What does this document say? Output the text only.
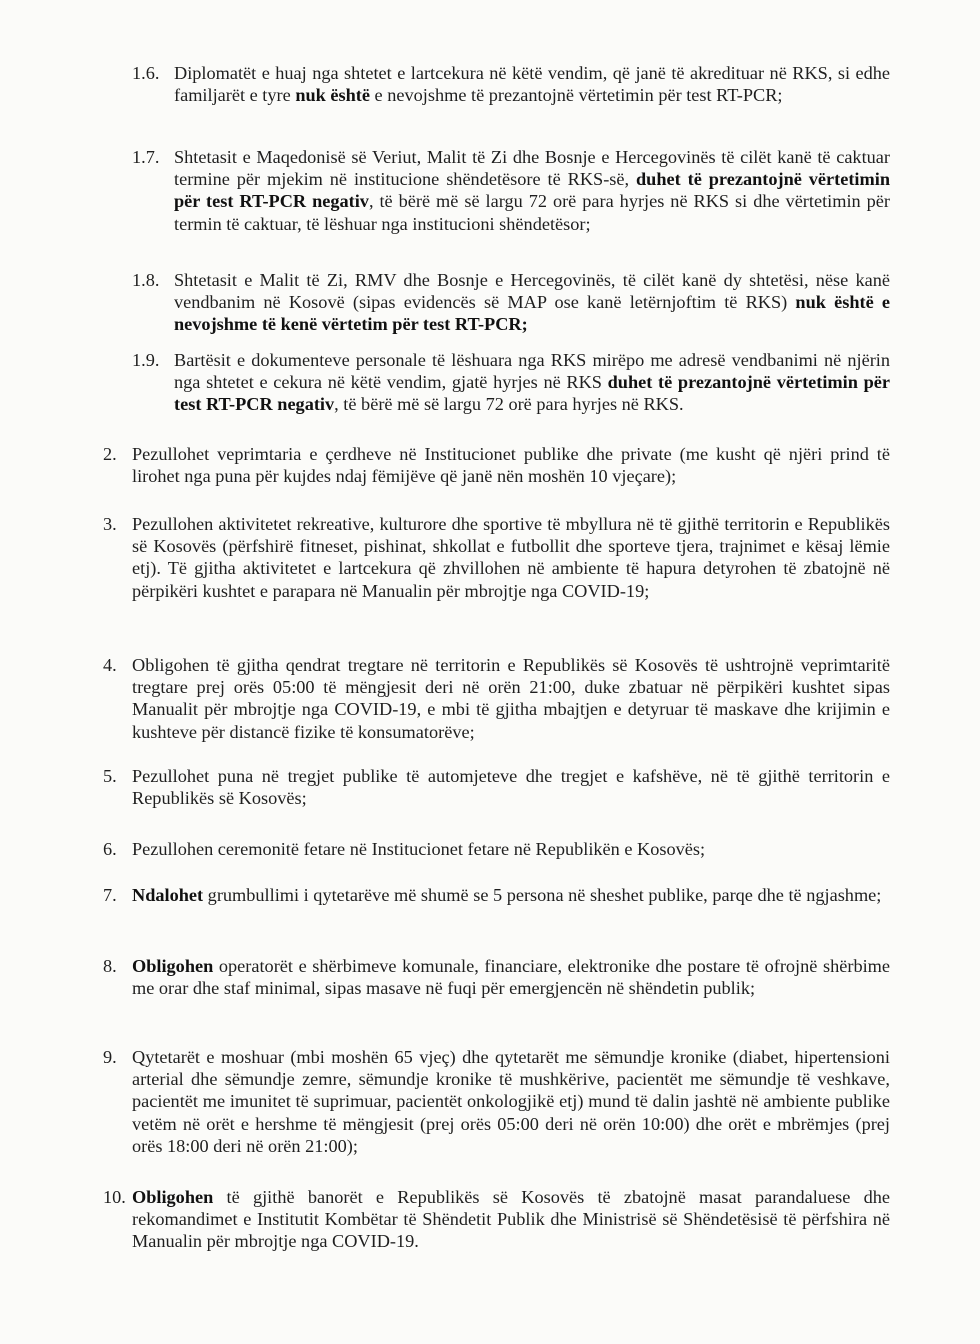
1.6. Diplomatët e huaj nga shtetet e lartcekura në këtë vendim, që janë të akredituar në RKS, si edhe familjarët e tyre nuk është e nevojshme të prezantojnë vërtetimin për test RT-PCR;
1.7. Shtetasit e Maqedonisë së Veriut, Malit të Zi dhe Bosnje e Hercegovinës të cilët kanë të caktuar termine për mjekim në institucione shëndetësore të RKS-së, duhet të prezantojnë vërtetimin për test RT-PCR negativ, të bërë më së largu 72 orë para hyrjes në RKS si dhe vërtetimin për termin të caktuar, të lëshuar nga institucioni shëndetësor;
1.8. Shtetasit e Malit të Zi, RMV dhe Bosnje e Hercegovinës, të cilët kanë dy shtetësi, nëse kanë vendbanim në Kosovë (sipas evidencës së MAP ose kanë letërnjoftim të RKS) nuk është e nevojshme të kenë vërtetim për test RT-PCR;
1.9. Bartësit e dokumenteve personale të lëshuara nga RKS mirëpo me adresë vendbanimi në njërin nga shtetet e cekura në këtë vendim, gjatë hyrjes në RKS duhet të prezantojnë vërtetimin për test RT-PCR negativ, të bërë më së largu 72 orë para hyrjes në RKS.
2. Pezullohet veprimtaria e çerdheve në Institucionet publike dhe private (me kusht që njëri prind të lirohet nga puna për kujdes ndaj fëmijëve që janë nën moshën 10 vjeçare);
3. Pezullohen aktivitetet rekreative, kulturore dhe sportive të mbyllura në të gjithë territorin e Republikës së Kosovës (përfshirë fitneset, pishinat, shkollat e futbollit dhe sporteve tjera, trajnimet e kësaj lëmie etj). Të gjitha aktivitetet e lartcekura që zhvillohen në ambiente të hapura detyrohen të zbatojnë në përpikëri kushtet e parapara në Manualin për mbrojtje nga COVID-19;
4. Obligohen të gjitha qendrat tregtare në territorin e Republikës së Kosovës të ushtrojnë veprimtaritë tregtare prej orës 05:00 të mëngjesit deri në orën 21:00, duke zbatuar në përpikëri kushtet sipas Manualit për mbrojtje nga COVID-19, e mbi të gjitha mbajtjen e detyruar të maskave dhe krijimin e kushteve për distancë fizike të konsumatorëve;
5. Pezullohet puna në tregjet publike të automjeteve dhe tregjet e kafshëve, në të gjithë territorin e Republikës së Kosovës;
6. Pezullohen ceremonitë fetare në Institucionet fetare në Republikën e Kosovës;
7. Ndalohet grumbullimi i qytetarëve më shumë se 5 persona në sheshet publike, parqe dhe të ngjashme;
8. Obligohen operatorët e shërbimeve komunale, financiare, elektronike dhe postare të ofrojnë shërbime me orar dhe staf minimal, sipas masave në fuqi për emergjencën në shëndetin publik;
9. Qytetarët e moshuar (mbi moshën 65 vjeç) dhe qytetarët me sëmundje kronike (diabet, hipertensioni arterial dhe sëmundje zemre, sëmundje kronike të mushkërive, pacientët me sëmundje të veshkave, pacientët me imunitet të suprimuar, pacientët onkologjikë etj) mund të dalin jashtë në ambiente publike vetëm në orët e hershme të mëngjesit (prej orës 05:00 deri në orën 10:00) dhe orët e mbrëmjes (prej orës 18:00 deri në orën 21:00);
10. Obligohen të gjithë banorët e Republikës së Kosovës të zbatojnë masat parandaluese dhe rekomandimet e Institutit Kombëtar të Shëndetit Publik dhe Ministrisë së Shëndetësisë të përfshira në Manualin për mbrojtje nga COVID-19.
